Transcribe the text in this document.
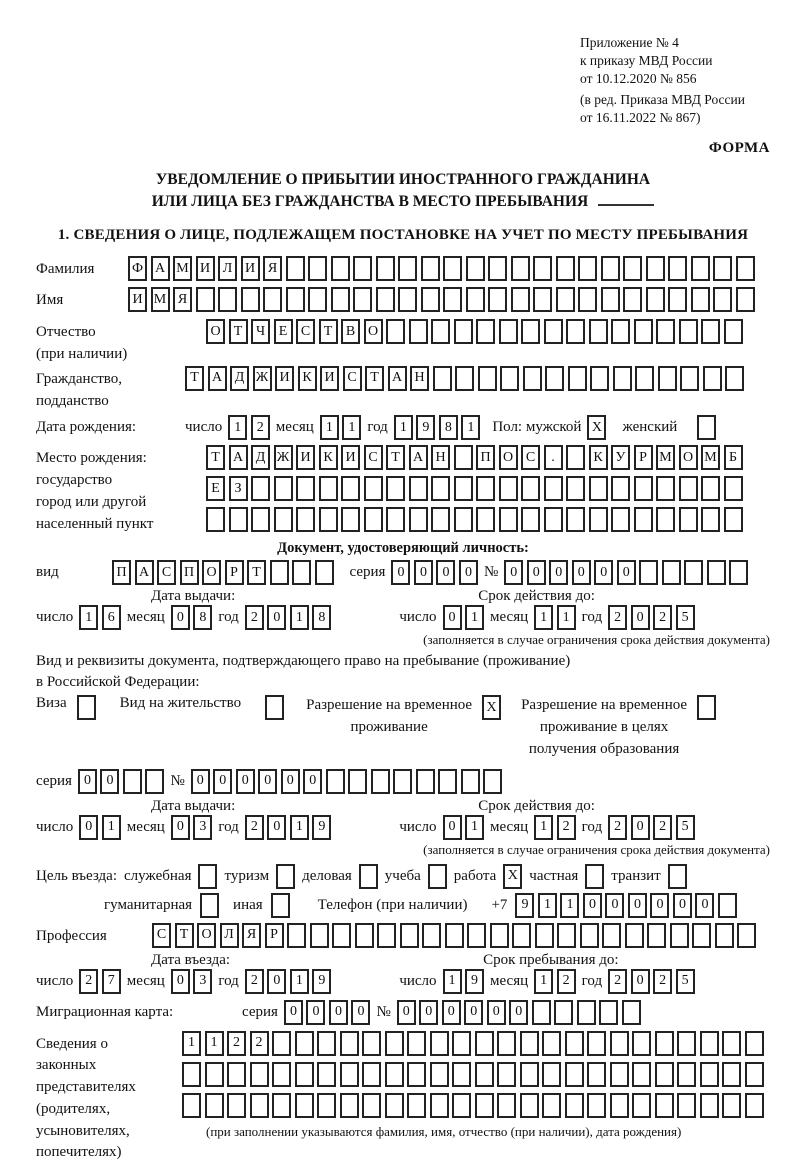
Приложение № 4
к приказу МВД России
от 10.12.2020 № 856
(в ред. Приказа МВД России
от 16.11.2022 № 867)
ФОРМА
УВЕДОМЛЕНИЕ О ПРИБЫТИИ ИНОСТРАННОГО ГРАЖДАНИНА
ИЛИ ЛИЦА БЕЗ ГРАЖДАНСТВА В МЕСТО ПРЕБЫВАНИЯ
1. СВЕДЕНИЯ О ЛИЦЕ, ПОДЛЕЖАЩЕМ ПОСТАНОВКЕ НА УЧЕТ ПО МЕСТУ ПРЕБЫВАНИЯ
Фамилия	Ф А М И Л И Я
Имя	И М Я
Отчество
(при наличии)
О Т Ч Е С Т В О
Гражданство,
подданство
Т А Д Ж И К И С Т А Н
Дата рождения:	число 1	2 месяц 1	1 год 1	9	8	1	Пол: мужской X женский
Место рождения:
государство
город или другой
населенный пункт
Т А Д Ж И К И С Т А Н	П О С	.	К У Р М О М Б
Е	З
Документ, удостоверяющий личность:
вид	П А С П О Р	Т	серия 0	0	0	0 № 0	0	0	0	0	0
Дата выдачи:	Срок действия до:
число 1	6 месяц 0	8 год 2	0	1	8	число 0	1 месяц 1	1 год 2	0	2	5
(заполняется в случае ограничения срока действия документа)
Вид и реквизиты документа, подтверждающего право на пребывание (проживание)
в Российской Федерации:
Виза	Вид на жительство	Разрешение на временное
проживание
X Разрешение на временное
проживание в целях
получения образования
серия 0	0	№ 0	0	0	0	0	0
Дата выдачи:	Срок действия до:
число 0	1 месяц 0	3 год 2	0	1	9	число 0	1 месяц 1	2 год 2	0	2	5
(заполняется в случае ограничения срока действия документа)
Цель въезда: служебная туризм деловая учеба работа X частная транзит
гуманитарная	иная	Телефон (при наличии) +7	9	1	1	0	0	0	0	0	0
Профессия	С Т О Л Я Р
Дата въезда:	Срок пребывания до:
число 2	7 месяц 0	3 год 2	0	1	9	число 1	9 месяц 1	2 год 2	0	2	5
Миграционная карта:	серия 0	0	0	0 № 0	0	0	0	0	0
Сведения о
законных
представителях
(родителях,
усыновителях,
попечителях)
1	1	2	2
(при заполнении указываются фамилия, имя, отчество (при наличии), дата рождения)
